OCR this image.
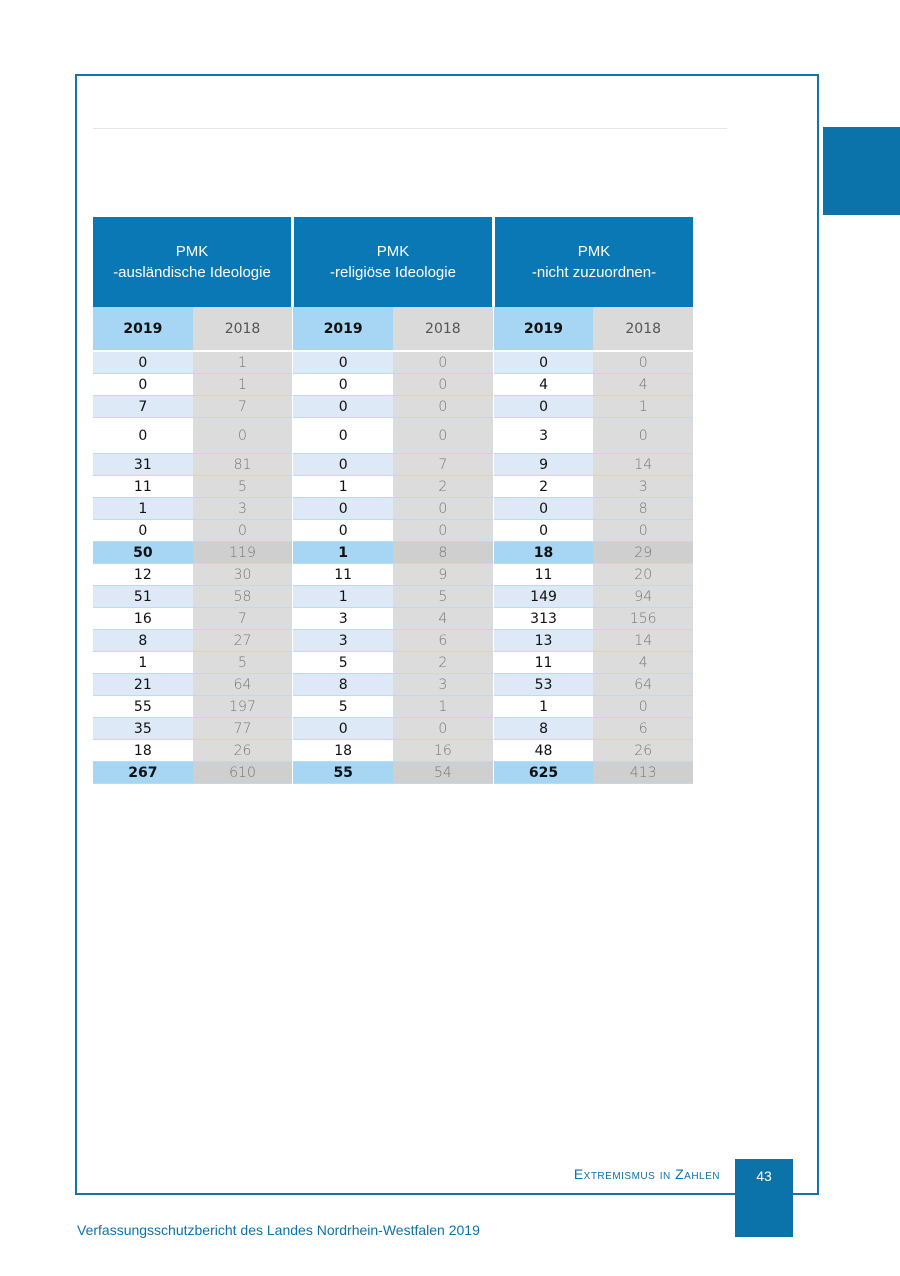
PMK
-ausländische Ideologie
PMK
-religiöse Ideologie
PMK
-nicht zuzuordnen-
2019	2018	2019	2018	2019	2018
0	1	0	0	0	0
0	1	0	0	4	4
7	7	0	0	0	1
0	0	0	0	3	0
31	81	0	7	9	14
11	5	1	2	2	3
1	3	0	0	0	8
0	0	0	0	0	0
50	119	1	8	18	29
12	30	11	9	11	20
51	58	1	5	149	94
16	7	3	4	313	156
8	27	3	6	13	14
1	5	5	2	11	4
21	64	8	3	53	64
55	197	5	1	1	0
35	77	0	0	8	6
18	26	18	16	48	26
267	610	55	54	625	413
Extremismus in Zahlen	43
Verfassungsschutzbericht des Landes Nordrhein-Westfalen 2019
